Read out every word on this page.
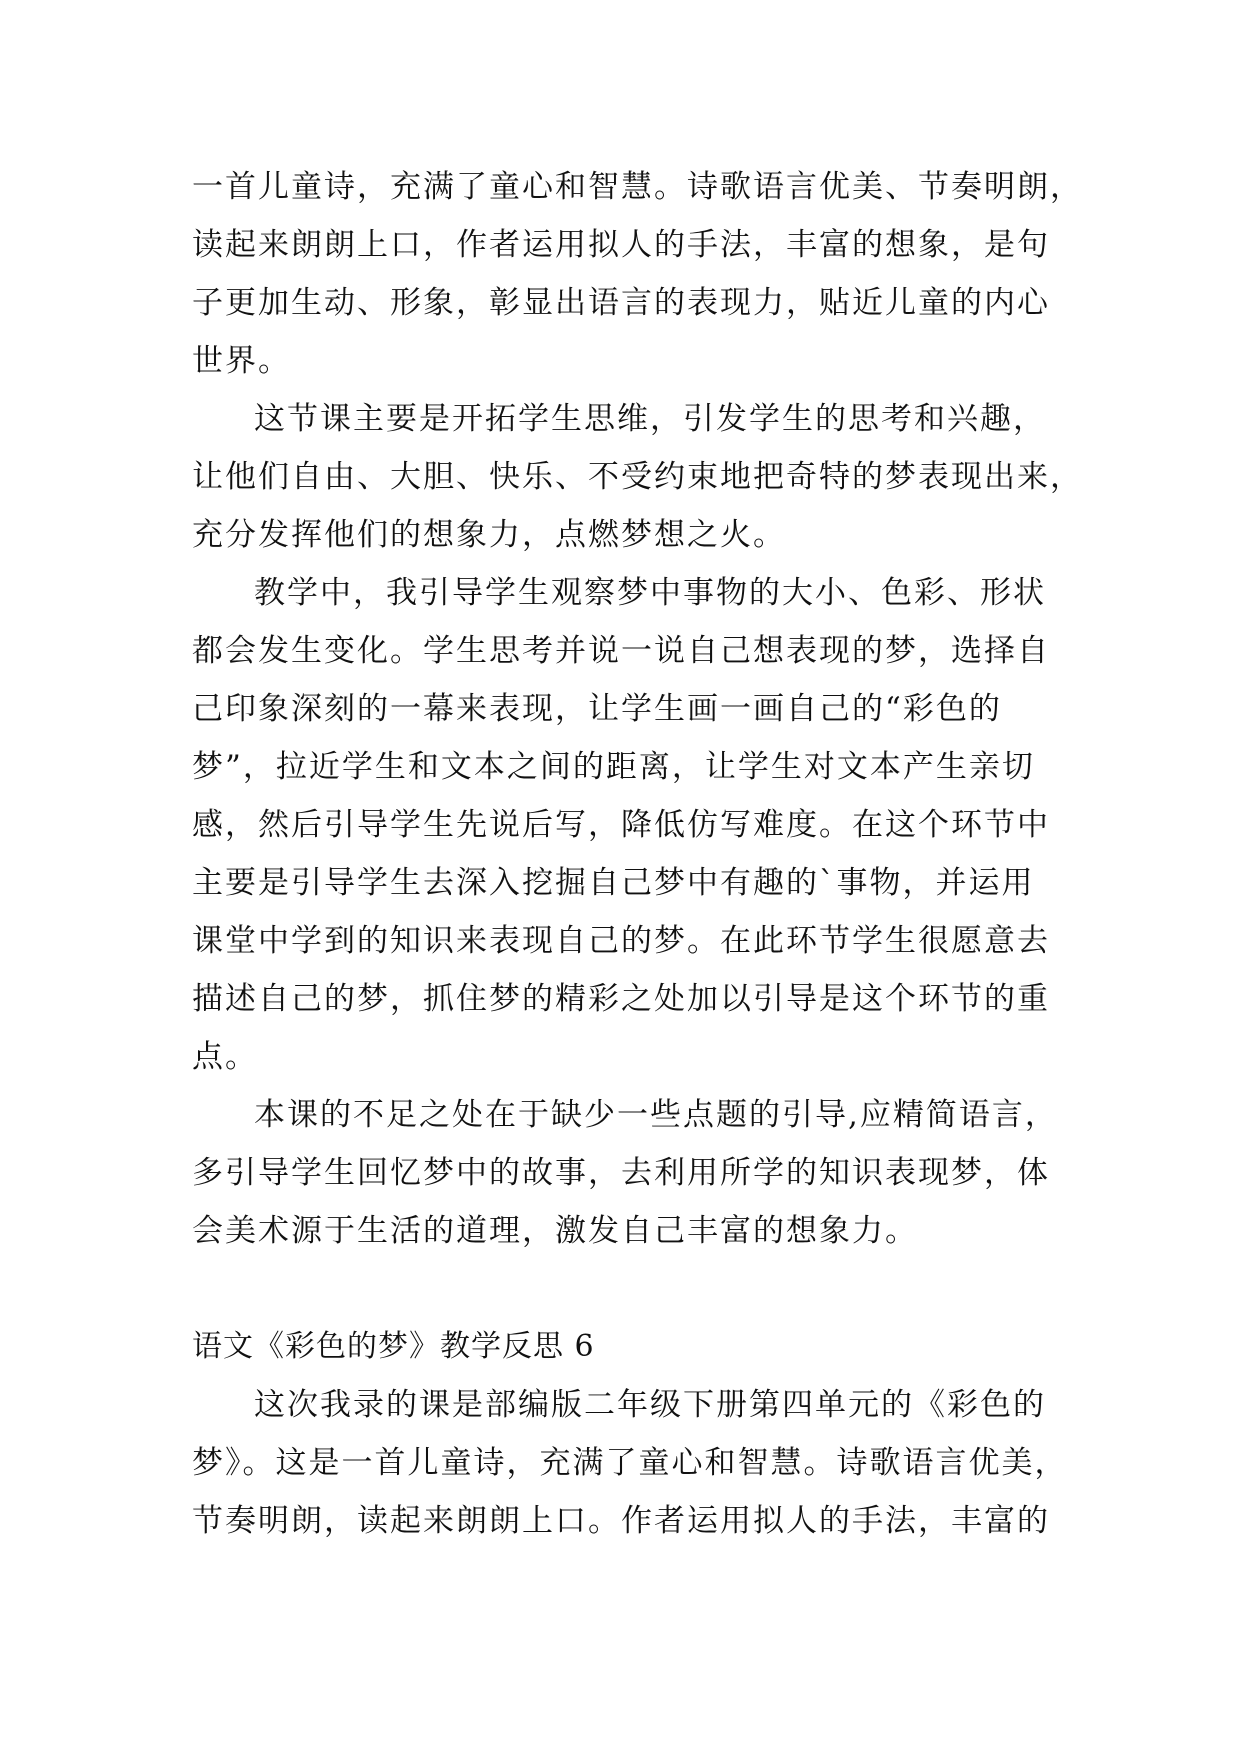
一首儿童诗，充满了童心和智慧。诗歌语言优美、节奏明朗，
读起来朗朗上口，作者运用拟人的手法，丰富的想象，是句
子更加生动、形象，彰显出语言的表现力，贴近儿童的内心
世界。
这节课主要是开拓学生思维，引发学生的思考和兴趣，
让他们自由、大胆、快乐、不受约束地把奇特的梦表现出来，
充分发挥他们的想象力，点燃梦想之火。
教学中，我引导学生观察梦中事物的大小、色彩、形状
都会发生变化。学生思考并说一说自己想表现的梦，选择自
己印象深刻的一幕来表现，让学生画一画自己的“彩色的
梦”，拉近学生和文本之间的距离，让学生对文本产生亲切
感，然后引导学生先说后写，降低仿写难度。在这个环节中
主要是引导学生去深入挖掘自己梦中有趣的`事物，并运用
课堂中学到的知识来表现自己的梦。在此环节学生很愿意去
描述自己的梦，抓住梦的精彩之处加以引导是这个环节的重
点。
本课的不足之处在于缺少一些点题的引导,应精简语言，
多引导学生回忆梦中的故事，去利用所学的知识表现梦，体
会美术源于生活的道理，激发自己丰富的想象力。
语文《彩色的梦》教学反思 6
这次我录的课是部编版二年级下册第四单元的《彩色的
梦》。这是一首儿童诗，充满了童心和智慧。诗歌语言优美，
节奏明朗，读起来朗朗上口。作者运用拟人的手法，丰富的
